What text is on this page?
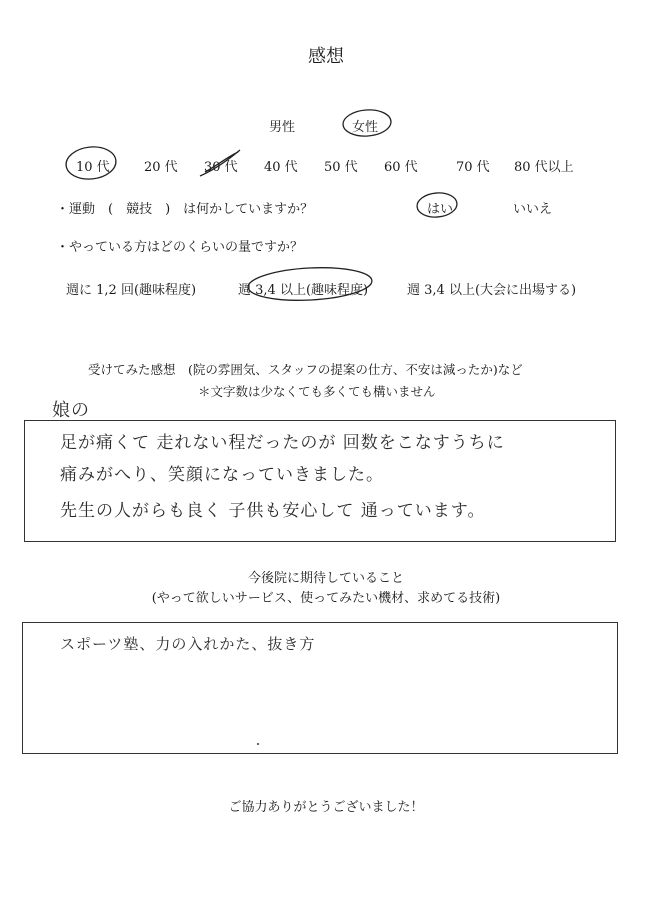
感想
男性	女性
10 代	20 代 30 代 40 代 50 代 60 代	70 代 80 代以上
・運動　(　競技　)　は何かしていますか？	はい	いいえ
・やっている方はどのくらいの量ですか？
週に 1,2 回(趣味程度)	週 3,4 以上(趣味程度)	週 3,4 以上(大会に出場する)
受けてみた感想　(院の雰囲気、スタッフの提案の仕方、不安は減ったか)など
＊文字数は少なくても多くても構いません
娘の
足が痛くて 走れない程だったのが 回数をこなすうちに
痛みがへり、笑顔になっていきました。
先生の人がらも良く 子供も安心して 通っています。
今後院に期待していること
(やって欲しいサービス、使ってみたい機材、求めてる技術)
スポーツ塾、力の入れかた、抜き方
ご協力ありがとうございました！
